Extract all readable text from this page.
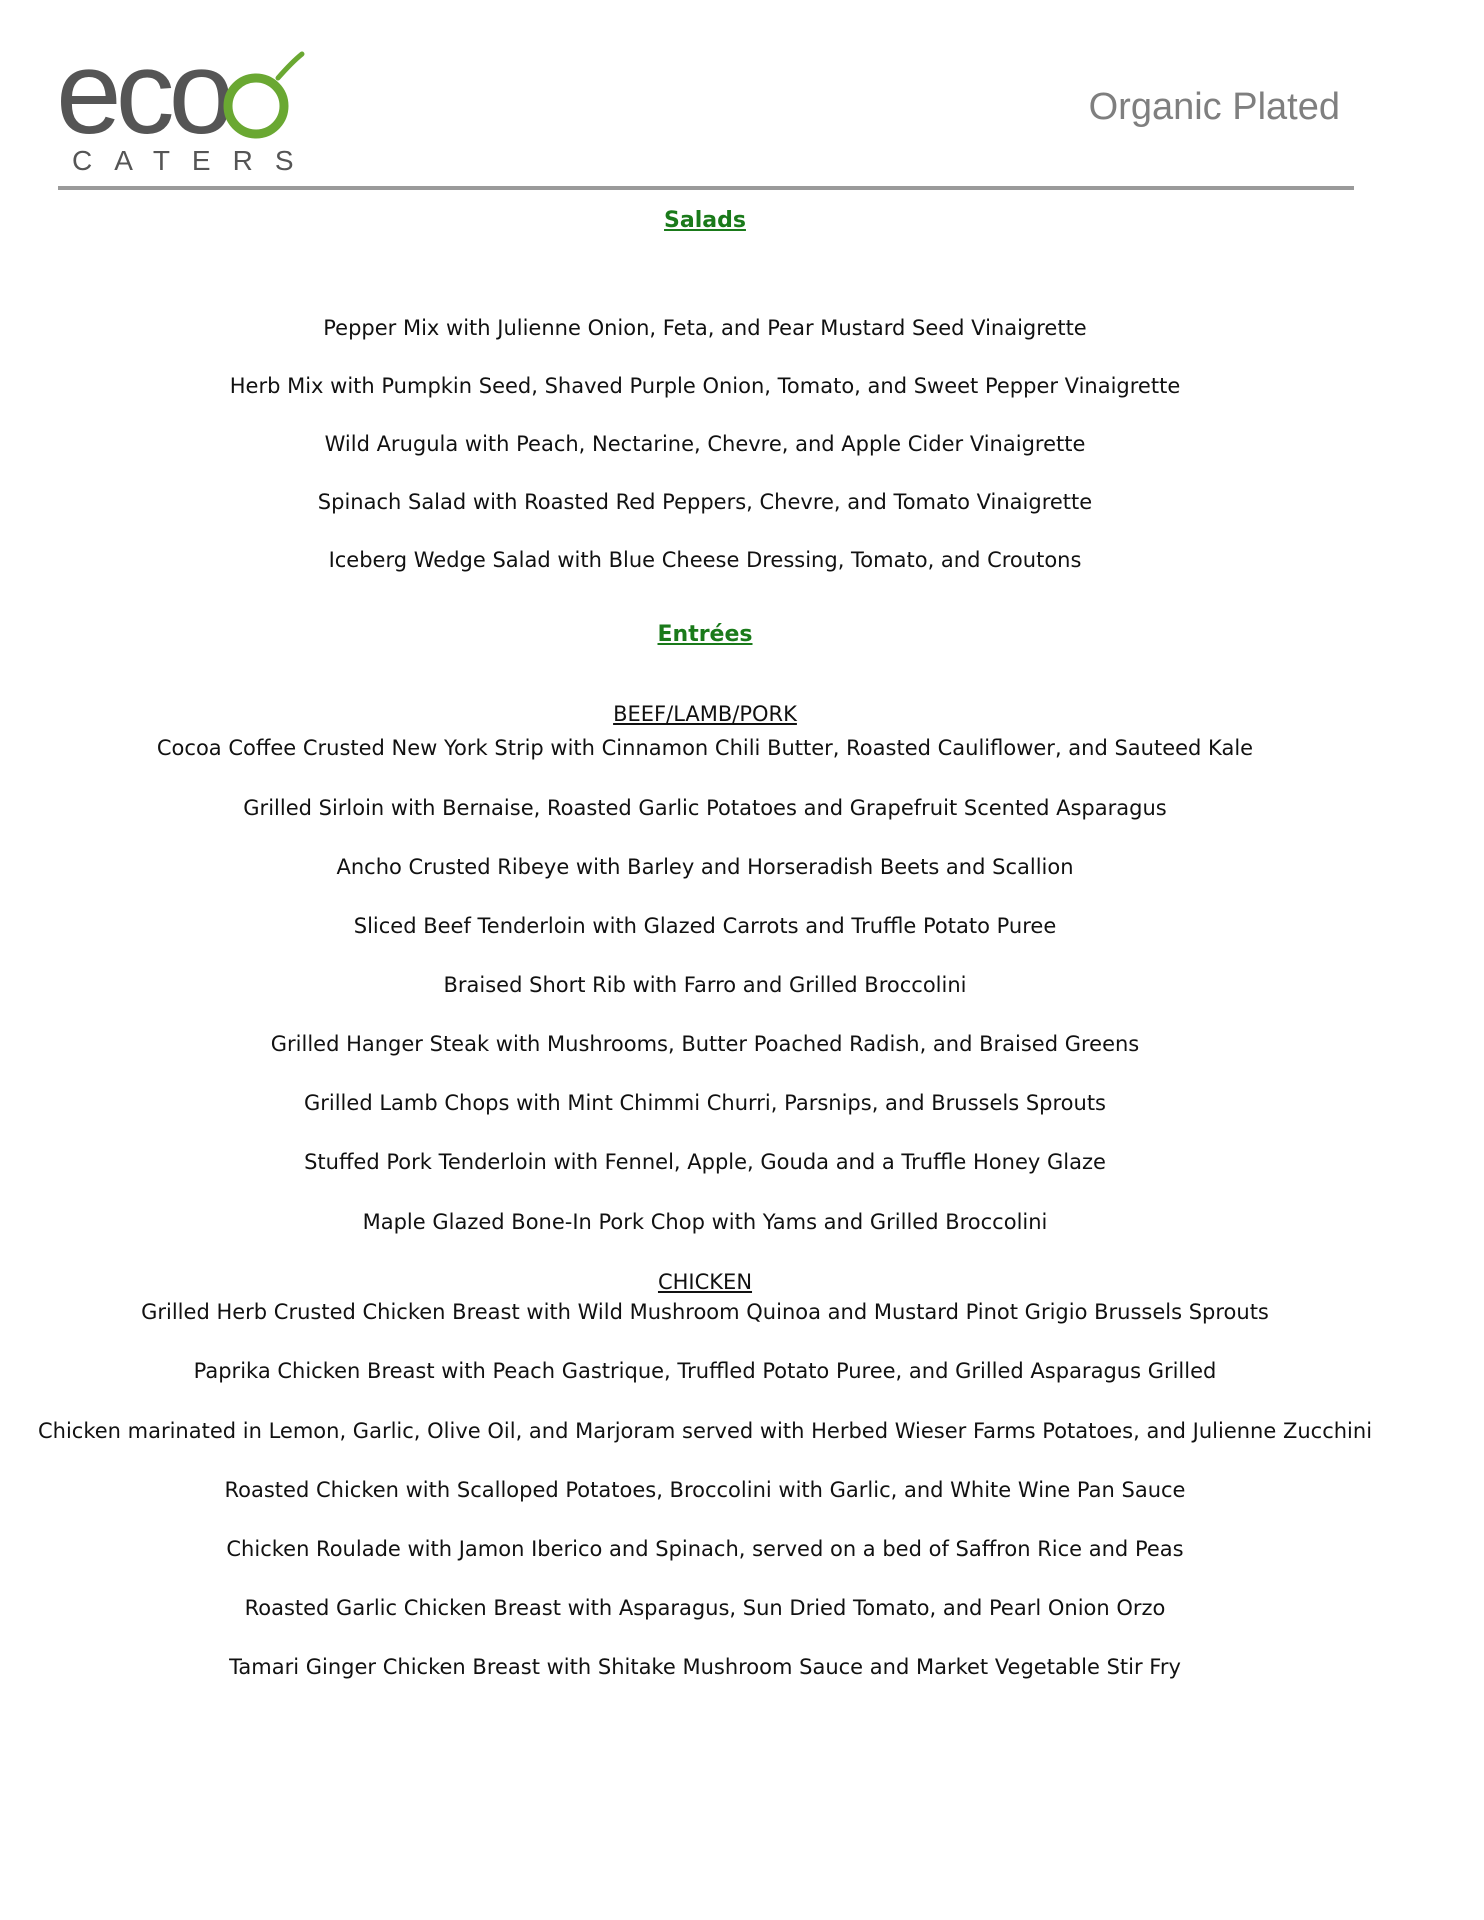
eco
CATERS
Organic Plated
Salads
Pepper Mix with Julienne Onion, Feta, and Pear Mustard Seed Vinaigrette
Herb Mix with Pumpkin Seed, Shaved Purple Onion, Tomato, and Sweet Pepper Vinaigrette
Wild Arugula with Peach, Nectarine, Chevre, and Apple Cider Vinaigrette
Spinach Salad with Roasted Red Peppers, Chevre, and Tomato Vinaigrette
Iceberg Wedge Salad with Blue Cheese Dressing, Tomato, and Croutons
Entrées
BEEF/LAMB/PORK
Cocoa Coffee Crusted New York Strip with Cinnamon Chili Butter, Roasted Cauliflower, and Sauteed Kale
Grilled Sirloin with Bernaise, Roasted Garlic Potatoes and Grapefruit Scented Asparagus
Ancho Crusted Ribeye with Barley and Horseradish Beets and Scallion
Sliced Beef Tenderloin with Glazed Carrots and Truffle Potato Puree
Braised Short Rib with Farro and Grilled Broccolini
Grilled Hanger Steak with Mushrooms, Butter Poached Radish, and Braised Greens
Grilled Lamb Chops with Mint Chimmi Churri, Parsnips, and Brussels Sprouts
Stuffed Pork Tenderloin with Fennel, Apple, Gouda and a Truffle Honey Glaze
Maple Glazed Bone-In Pork Chop with Yams and Grilled Broccolini
CHICKEN
Grilled Herb Crusted Chicken Breast with Wild Mushroom Quinoa and Mustard Pinot Grigio Brussels Sprouts
Paprika Chicken Breast with Peach Gastrique, Truffled Potato Puree, and Grilled Asparagus Grilled
Chicken marinated in Lemon, Garlic, Olive Oil, and Marjoram served with Herbed Wieser Farms Potatoes, and Julienne Zucchini
Roasted Chicken with Scalloped Potatoes, Broccolini with Garlic, and White Wine Pan Sauce
Chicken Roulade with Jamon Iberico and Spinach, served on a bed of Saffron Rice and Peas
Roasted Garlic Chicken Breast with Asparagus, Sun Dried Tomato, and Pearl Onion Orzo
Tamari Ginger Chicken Breast with Shitake Mushroom Sauce and Market Vegetable Stir Fry
